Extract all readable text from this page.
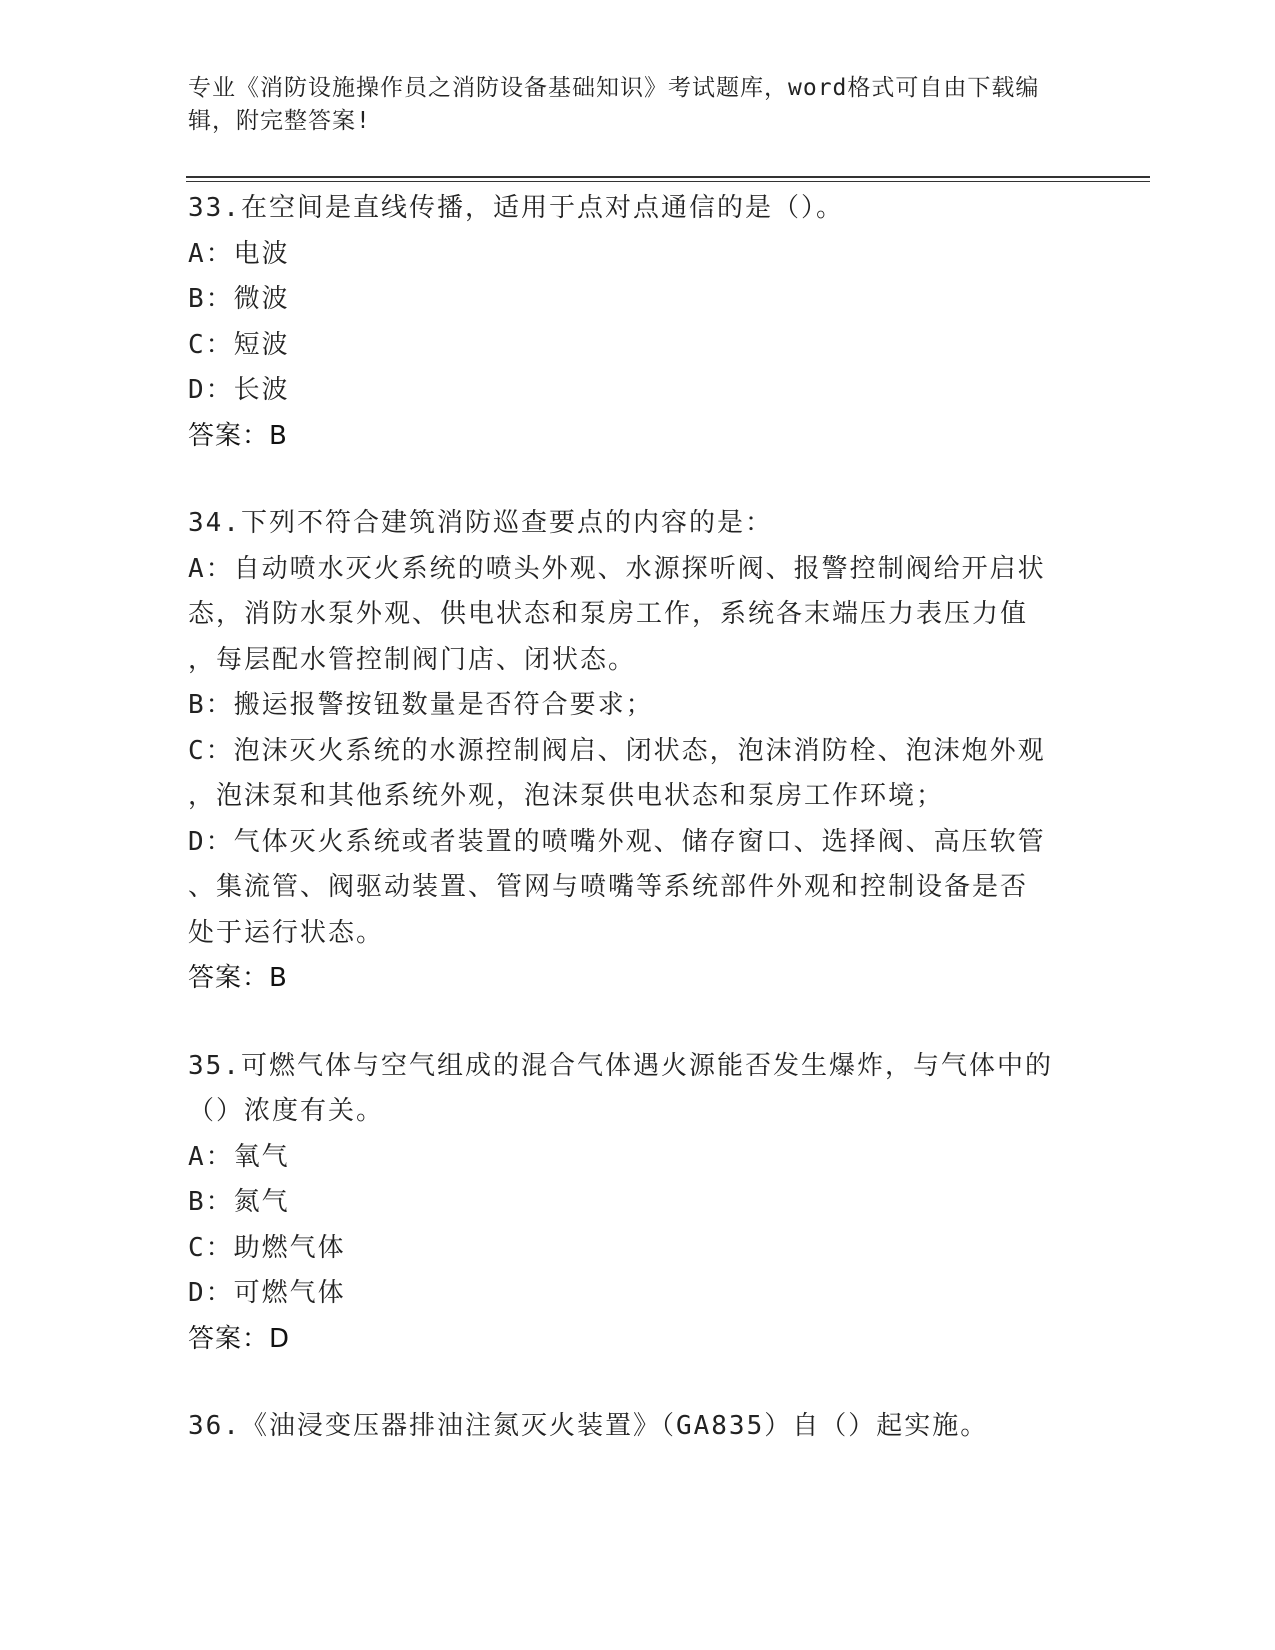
专业《消防设施操作员之消防设备基础知识》考试题库，word格式可自由下载编
辑，附完整答案!
33.在空间是直线传播，适用于点对点通信的是（）。
A：电波
B：微波
C：短波
D：长波
答案：B
34.下列不符合建筑消防巡查要点的内容的是：
A：自动喷水灭火系统的喷头外观、水源探听阀、报警控制阀给开启状
态，消防水泵外观、供电状态和泵房工作，系统各末端压力表压力值
，每层配水管控制阀门店、闭状态。
B：搬运报警按钮数量是否符合要求；
C：泡沫灭火系统的水源控制阀启、闭状态，泡沫消防栓、泡沫炮外观
，泡沫泵和其他系统外观，泡沫泵供电状态和泵房工作环境；
D：气体灭火系统或者装置的喷嘴外观、储存窗口、选择阀、高压软管
、集流管、阀驱动装置、管网与喷嘴等系统部件外观和控制设备是否
处于运行状态。
答案：B
35.可燃气体与空气组成的混合气体遇火源能否发生爆炸，与气体中的
（）浓度有关。
A：氧气
B：氮气
C：助燃气体
D：可燃气体
答案：D
36.《油浸变压器排油注氮灭火装置》（GA835）自（）起实施。
